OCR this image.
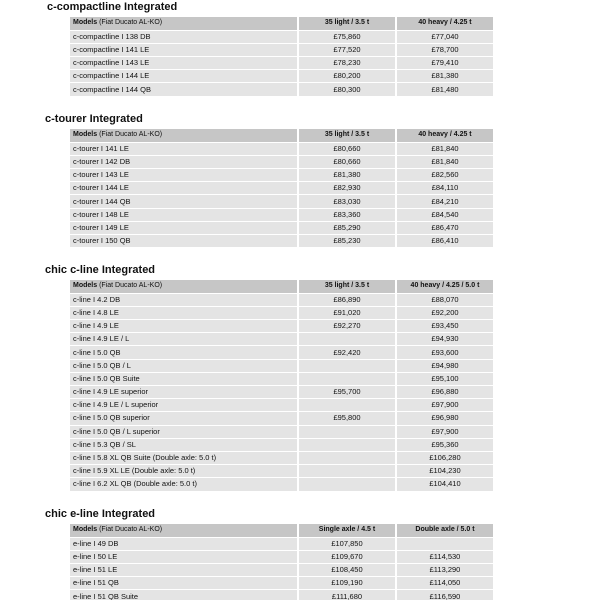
c-compactline Integrated
Models (Fiat Ducato AL-KO)	35 light / 3.5 t	40 heavy / 4.25 t
c-compactline I 138 DB	£75,860	£77,040
c-compactline I 141 LE	£77,520	£78,700
c-compactline I 143 LE	£78,230	£79,410
c-compactline I 144 LE	£80,200	£81,380
c-compactline I 144 QB	£80,300	£81,480
c-tourer Integrated
Models (Fiat Ducato AL-KO)	35 light / 3.5 t	40 heavy / 4.25 t
c-tourer I 141 LE	£80,660	£81,840
c-tourer I 142 DB	£80,660	£81,840
c-tourer I 143 LE	£81,380	£82,560
c-tourer I 144 LE	£82,930	£84,110
c-tourer I 144 QB	£83,030	£84,210
c-tourer I 148 LE	£83,360	£84,540
c-tourer I 149 LE	£85,290	£86,470
c-tourer I 150 QB	£85,230	£86,410
chic c-line Integrated
Models (Fiat Ducato AL-KO)	35 light / 3.5 t	40 heavy / 4.25 / 5.0 t
c-line I 4.2 DB	£86,890	£88,070
c-line I 4.8 LE	£91,020	£92,200
c-line I 4.9 LE	£92,270	£93,450
c-line I 4.9 LE / L		£94,930
c-line I 5.0 QB	£92,420	£93,600
c-line I 5.0 QB / L		£94,980
c-line I 5.0 QB Suite		£95,100
c-line I 4.9 LE superior	£95,700	£96,880
c-line I 4.9 LE / L superior		£97,900
c-line I 5.0 QB superior	£95,800	£96,980
c-line I 5.0 QB / L superior		£97,900
c-line I 5.3 QB / SL		£95,360
c-line I 5.8 XL QB Suite (Double axle: 5.0 t)		£106,280
c-line I 5.9 XL LE (Double axle: 5.0 t)		£104,230
c-line I 6.2 XL QB (Double axle: 5.0 t)		£104,410
chic e-line Integrated
Models (Fiat Ducato AL-KO)	Single axle / 4.5 t	Double axle / 5.0 t
e-line I 49 DB	£107,850	
e-line I 50 LE	£109,670	£114,530
e-line I 51 LE	£108,450	£113,290
e-line I 51 QB	£109,190	£114,050
e-line I 51 QB Suite	£111,680	£116,590
